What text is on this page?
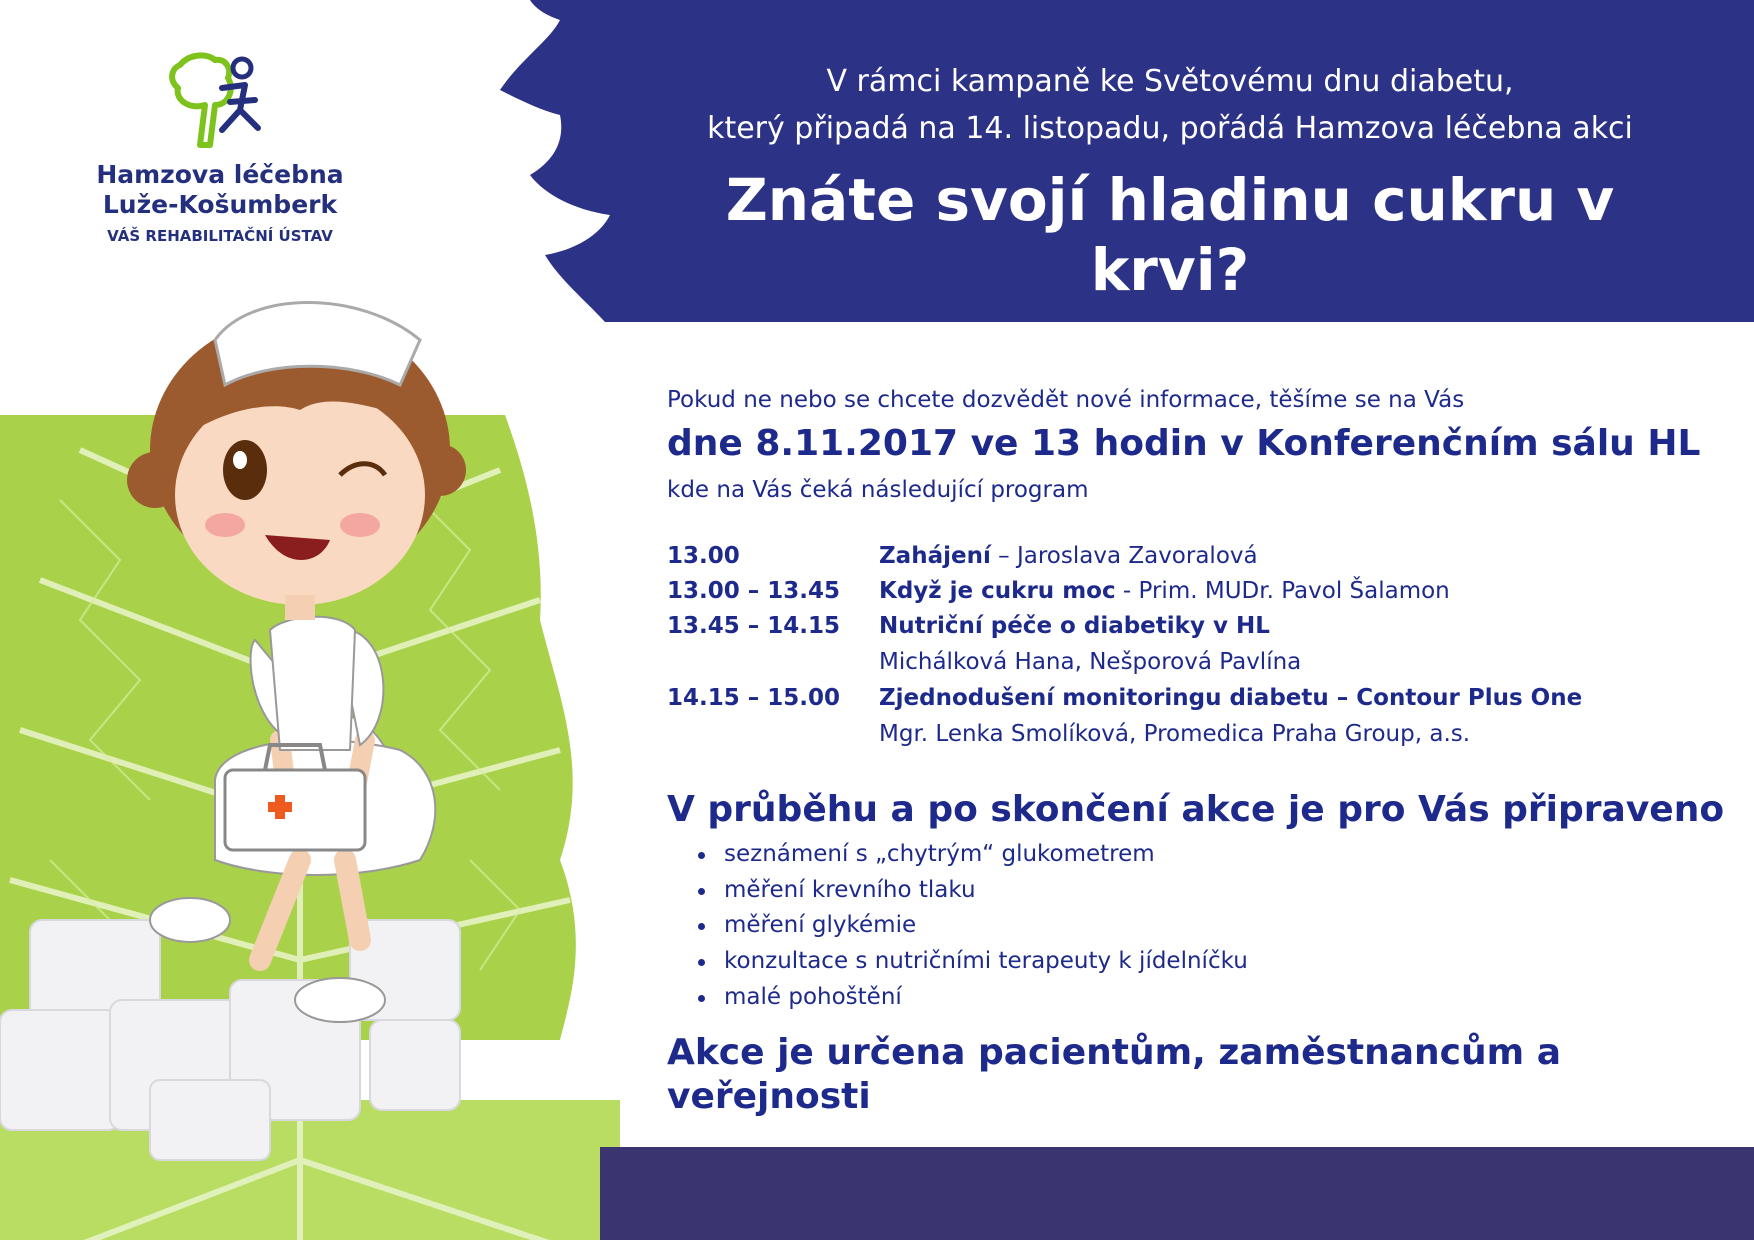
V rámci kampaně ke Světovému dnu diabetu,
který připadá na 14. listopadu, pořádá Hamzova léčebna akci
Znáte svojí hladinu cukru v krvi?
Hamzova léčebna
Luže-Košumberk
VÁŠ REHABILITAČNÍ ÚSTAV
Pokud ne nebo se chcete dozvědět nové informace, těšíme se na Vás
dne 8.11.2017 ve 13 hodin v Konferenčním sálu HL
kde na Vás čeká následující program
13.00	Zahájení – Jaroslava Zavoralová
13.00 – 13.45 Když je cukru moc - Prim. MUDr. Pavol Šalamon
13.45 – 14.15 Nutriční péče o diabetiky v HL
Michálková Hana, Nešporová Pavlína
14.15 – 15.00 Zjednodušení monitoringu diabetu – Contour Plus One
Mgr. Lenka Smolíková, Promedica Praha Group, a.s.
V průběhu a po skončení akce je pro Vás připraveno
seznámení s „chytrým“ glukometrem
měření krevního tlaku
měření glykémie
konzultace s nutričními terapeuty k jídelníčku
malé pohoštění
Akce je určena pacientům, zaměstnancům a veřejnosti
